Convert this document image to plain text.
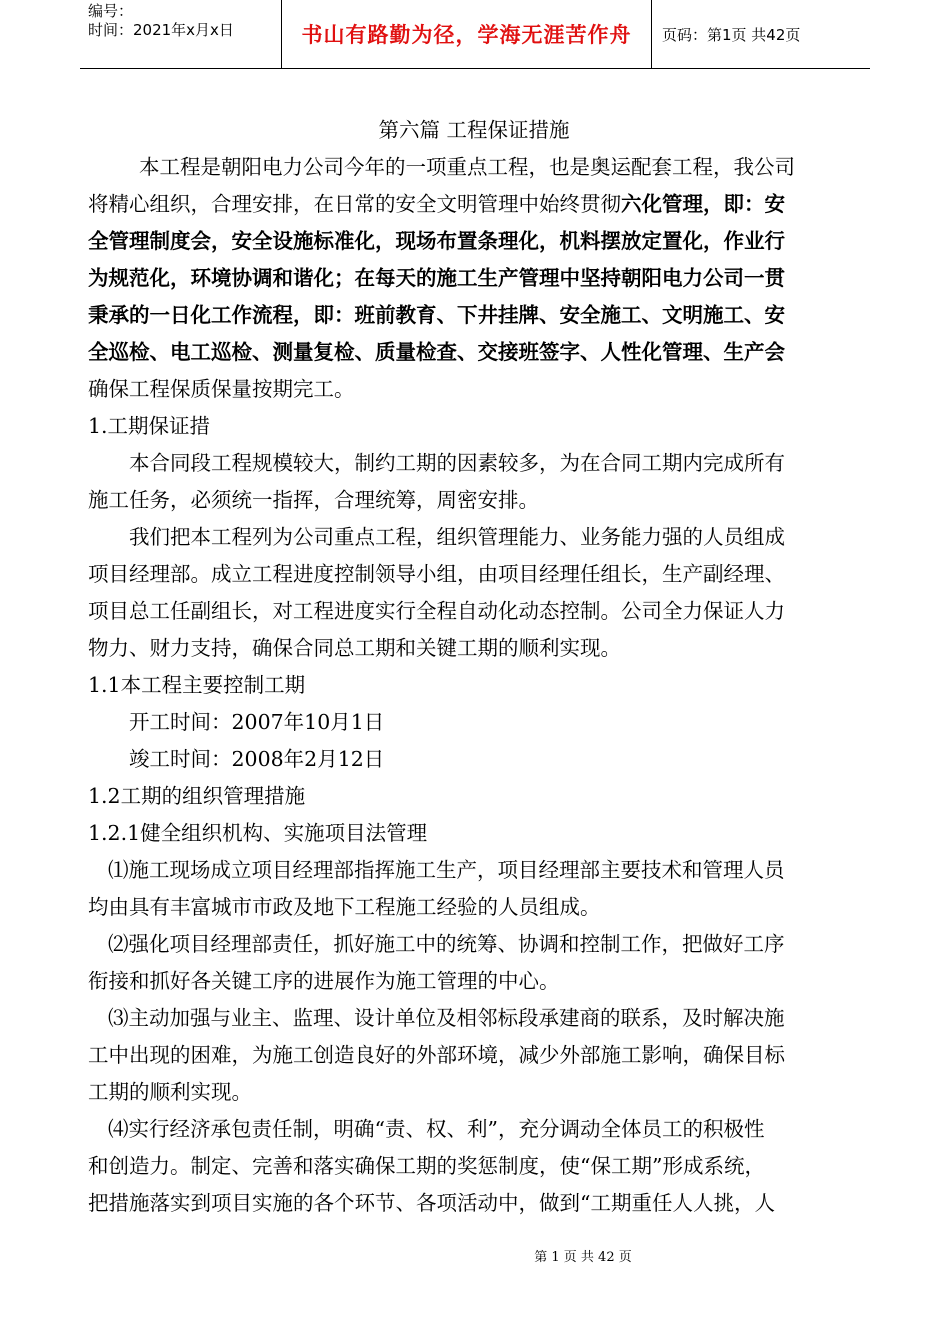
编号：
时间：2021年x月x日	书山有路勤为径，学海无涯苦作舟	页码：第1页 共42页
第六篇 工程保证措施
本工程是朝阳电力公司今年的一项重点工程，也是奥运配套工程，我公司
将精心组织，合理安排，在日常的安全文明管理中始终贯彻六化管理，即：安
全管理制度会，安全设施标准化，现场布置条理化，机料摆放定置化，作业行
为规范化，环境协调和谐化；在每天的施工生产管理中坚持朝阳电力公司一贯
秉承的一日化工作流程，即：班前教育、下井挂牌、安全施工、文明施工、安
全巡检、电工巡检、测量复检、质量检查、交接班签字、人性化管理、生产会
确保工程保质保量按期完工。
1.工期保证措
本合同段工程规模较大，制约工期的因素较多，为在合同工期内完成所有
施工任务，必须统一指挥，合理统筹，周密安排。
我们把本工程列为公司重点工程，组织管理能力、业务能力强的人员组成
项目经理部。成立工程进度控制领导小组，由项目经理任组长，生产副经理、
项目总工任副组长，对工程进度实行全程自动化动态控制。公司全力保证人力
物力、财力支持，确保合同总工期和关键工期的顺利实现。
1.1本工程主要控制工期
开工时间：2007年10月1日
竣工时间：2008年2月12日
1.2工期的组织管理措施
1.2.1健全组织机构、实施项目法管理
⑴施工现场成立项目经理部指挥施工生产，项目经理部主要技术和管理人员
均由具有丰富城市市政及地下工程施工经验的人员组成。
⑵强化项目经理部责任，抓好施工中的统筹、协调和控制工作，把做好工序
衔接和抓好各关键工序的进展作为施工管理的中心。
⑶主动加强与业主、监理、设计单位及相邻标段承建商的联系，及时解决施
工中出现的困难，为施工创造良好的外部环境，减少外部施工影响，确保目标
工期的顺利实现。
⑷实行经济承包责任制，明确“责、权、利”，充分调动全体员工的积极性
和创造力。制定、完善和落实确保工期的奖惩制度，使“保工期”形成系统，
把措施落实到项目实施的各个环节、各项活动中，做到“工期重任人人挑，人
第 1 页 共 42 页
